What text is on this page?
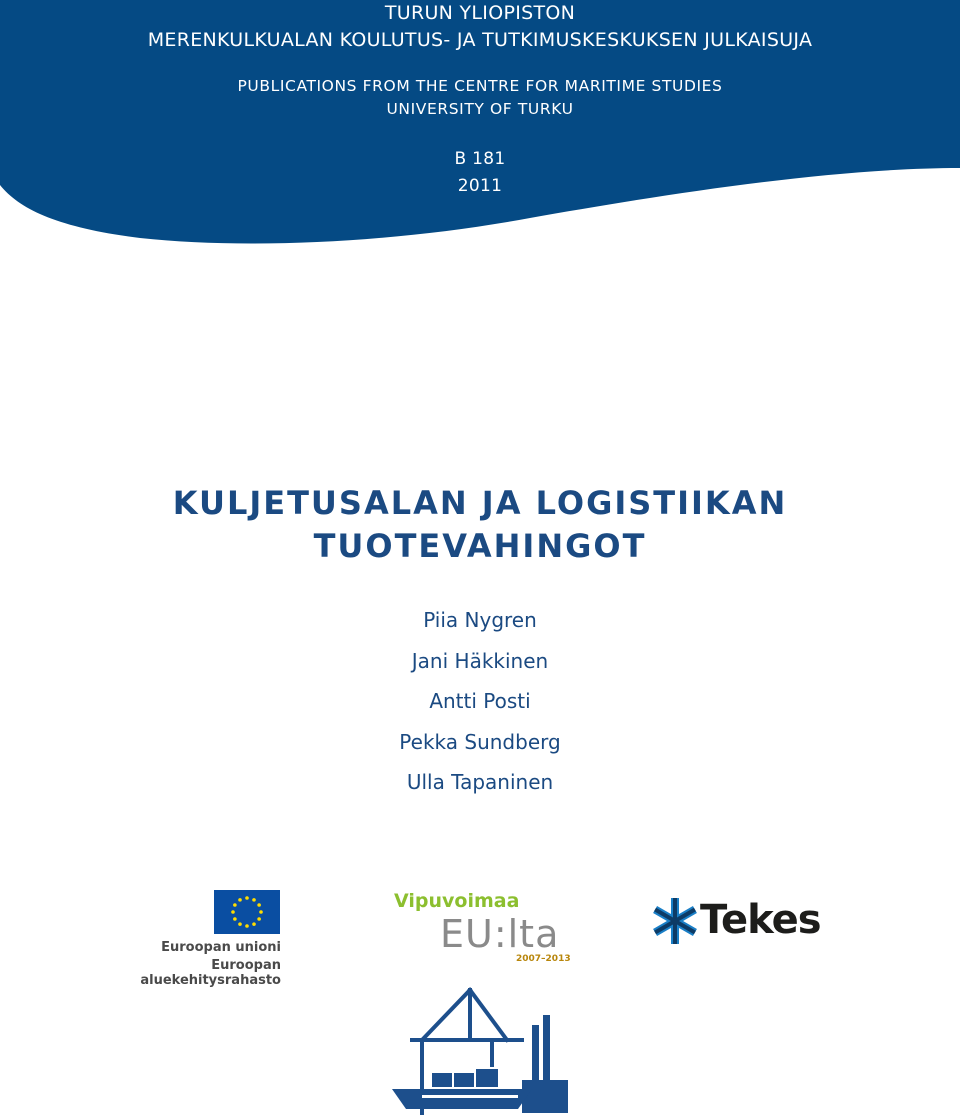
TURUN YLIOPISTON
MERENKULKUALAN KOULUTUS- JA TUTKIMUSKESKUKSEN JULKAISUJA
PUBLICATIONS FROM THE CENTRE FOR MARITIME STUDIES
UNIVERSITY OF TURKU
B 181
2011
KULJETUSALAN JA LOGISTIIKAN
TUOTEVAHINGOT
Piia Nygren
Jani Häkkinen
Antti Posti
Pekka Sundberg
Ulla Tapaninen
Euroopan unioni
Euroopan aluekehitysrahasto
Vipuvoimaa
EU:lta
2007–2013
Tekes
